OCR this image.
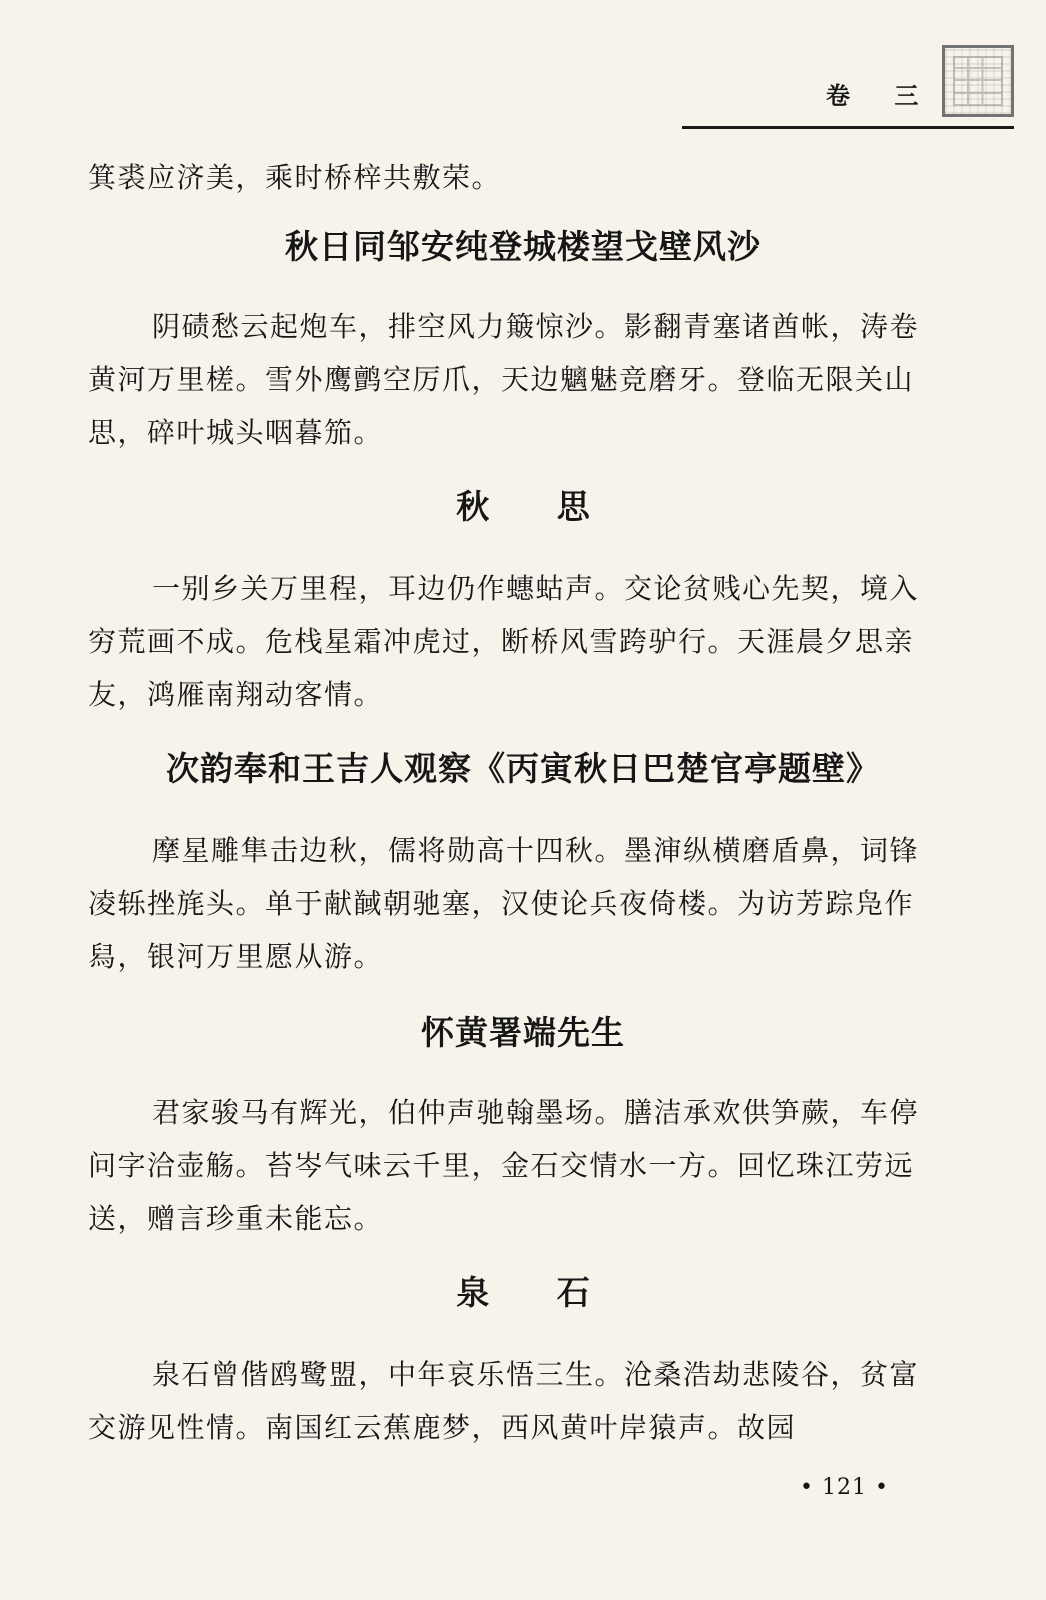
卷 三
箕裘应济美，乘时桥梓共敷荣。
秋日同邹安纯登城楼望戈壁风沙
阴碛愁云起炮车，排空风力簸惊沙。影翻青塞诸酋帐，涛卷黄河万里槎。雪外鹰鹯空厉爪，天边魑魅竞磨牙。登临无限关山思，碎叶城头咽暮笳。
秋 思
一别乡关万里程，耳边仍作蟪蛄声。交论贫贱心先契，境入穷荒画不成。危栈星霜冲虎过，断桥风雪跨驴行。天涯晨夕思亲友，鸿雁南翔动客情。
次韵奉和王吉人观察《丙寅秋日巴楚官亭题壁》
摩星雕隼击边秋，儒将勋高十四秋。墨渖纵横磨盾鼻，词锋凌轹挫旄头。单于献馘朝驰塞，汉使论兵夜倚楼。为访芳踪凫作舄，银河万里愿从游。
怀黄署端先生
君家骏马有辉光，伯仲声驰翰墨场。膳洁承欢供笋蕨，车停问字洽壶觞。苔岑气味云千里，金石交情水一方。回忆珠江劳远送，赠言珍重未能忘。
泉 石
泉石曾偕鸥鹭盟，中年哀乐悟三生。沧桑浩劫悲陵谷，贫富交游见性情。南国红云蕉鹿梦，西风黄叶岸猿声。故园
• 121 •
